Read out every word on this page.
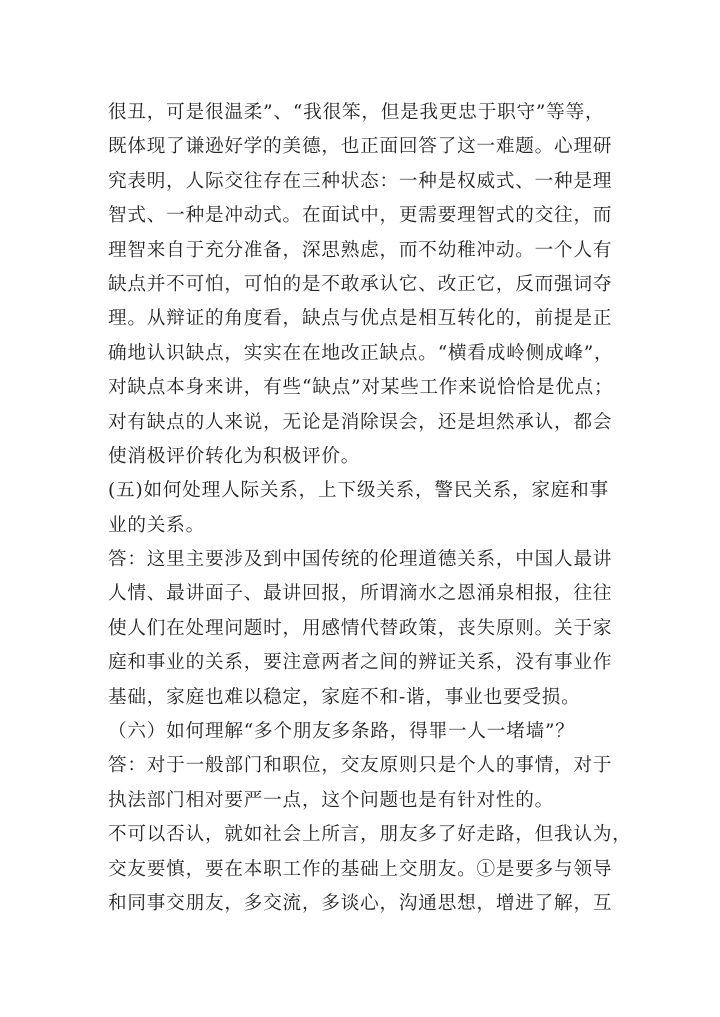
很丑，可是很温柔”、“我很笨，但是我更忠于职守”等等，
既体现了谦逊好学的美德，也正面回答了这一难题。心理研
究表明，人际交往存在三种状态：一种是权威式、一种是理
智式、一种是冲动式。在面试中，更需要理智式的交往，而
理智来自于充分准备，深思熟虑，而不幼稚冲动。一个人有
缺点并不可怕，可怕的是不敢承认它、改正它，反而强词夺
理。从辩证的角度看，缺点与优点是相互转化的，前提是正
确地认识缺点，实实在在地改正缺点。“横看成岭侧成峰”，
对缺点本身来讲，有些“缺点”对某些工作来说恰恰是优点；
对有缺点的人来说，无论是消除误会，还是坦然承认，都会
使消极评价转化为积极评价。
(五)如何处理人际关系，上下级关系，警民关系，家庭和事
业的关系。
答：这里主要涉及到中国传统的伦理道德关系，中国人最讲
人情、最讲面子、最讲回报，所谓滴水之恩涌泉相报，往往
使人们在处理问题时，用感情代替政策，丧失原则。关于家
庭和事业的关系，要注意两者之间的辨证关系，没有事业作
基础，家庭也难以稳定，家庭不和-谐，事业也要受损。
（六）如何理解“多个朋友多条路，得罪一人一堵墙”？
答：对于一般部门和职位，交友原则只是个人的事情，对于
执法部门相对要严一点，这个问题也是有针对性的。
不可以否认，就如社会上所言，朋友多了好走路，但我认为，
交友要慎，要在本职工作的基础上交朋友。①是要多与领导
和同事交朋友，多交流，多谈心，沟通思想，增进了解，互
